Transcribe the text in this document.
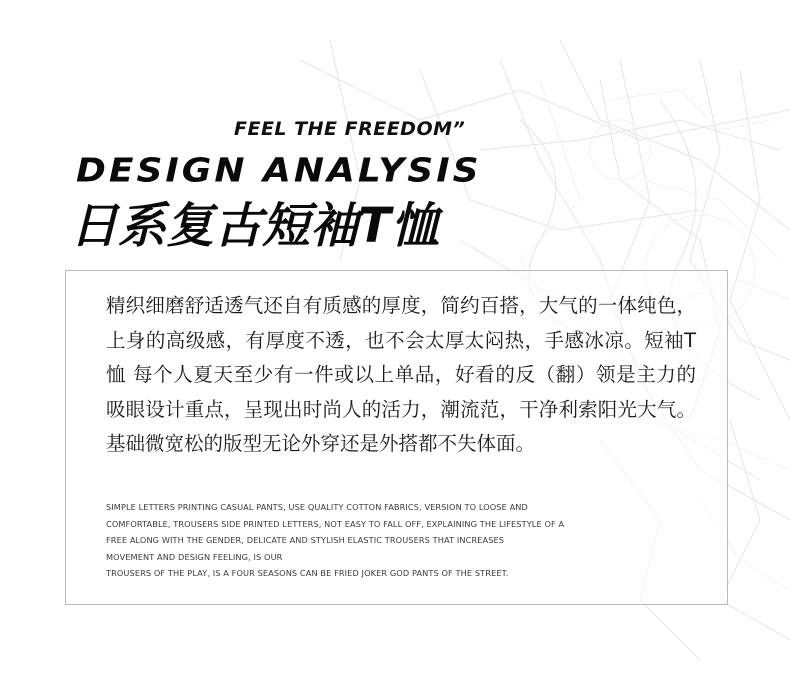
FEEL THE FREEDOM”
DESIGN ANALYSIS
日系复古短袖T恤

精织细磨舒适透气还自有质感的厚度，简约百搭，大气的一体纯色，上身的高级感，有厚度不透，也不会太厚太闷热，手感冰凉。短袖T恤 每个人夏天至少有一件或以上单品，好看的反（翻）领是主力的吸眼设计重点，呈现出时尚人的活力，潮流范，干净利索阳光大气。基础微宽松的版型无论外穿还是外搭都不失体面。

SIMPLE LETTERS PRINTING CASUAL PANTS, USE QUALITY COTTON FABRICS, VERSION TO LOOSE AND
COMFORTABLE, TROUSERS SIDE PRINTED LETTERS, NOT EASY TO FALL OFF, EXPLAINING THE LIFESTYLE OF A
FREE ALONG WITH THE GENDER, DELICATE AND STYLISH ELASTIC TROUSERS THAT INCREASES
MOVEMENT AND DESIGN FEELING, IS OUR
TROUSERS OF THE PLAY, IS A FOUR SEASONS CAN BE FRIED JOKER GOD PANTS OF THE STREET.
